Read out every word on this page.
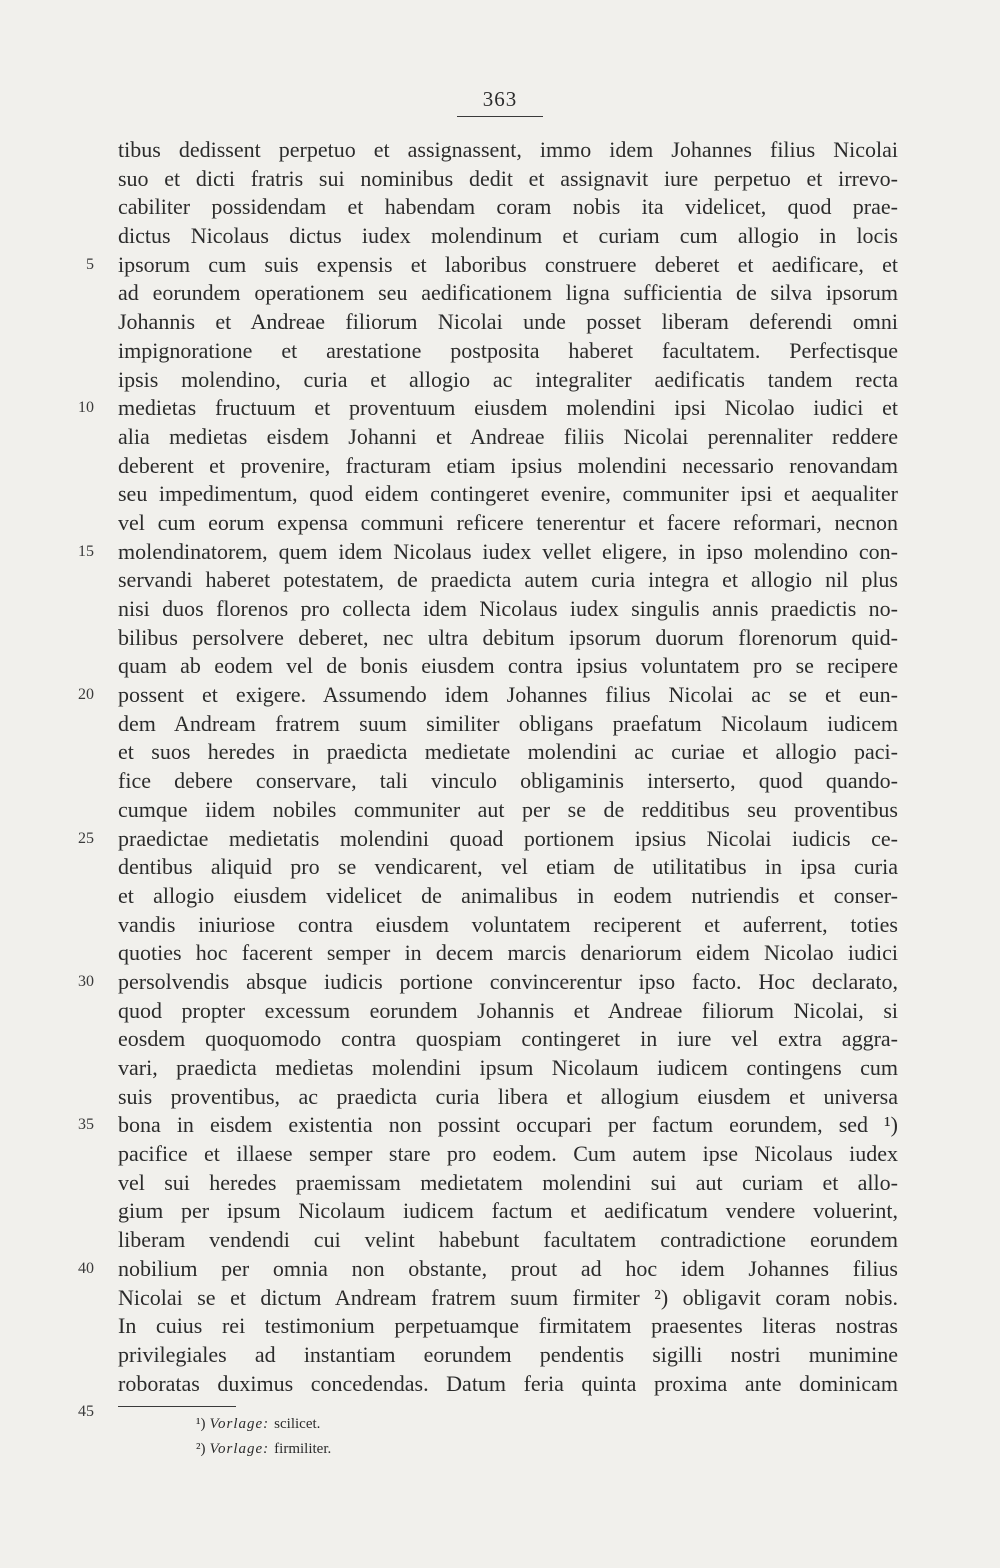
363
tibus dedissent perpetuo et assignassent, immo idem Johannes filius Nicolai
suo et dicti fratris sui nominibus dedit et assignavit iure perpetuo et irrevo-
cabiliter possidendam et habendam coram nobis ita videlicet, quod prae-
dictus Nicolaus dictus iudex molendinum et curiam cum allogio in locis
5 ipsorum cum suis expensis et laboribus construere deberet et aedificare, et
ad eorundem operationem seu aedificationem ligna sufficientia de silva ipsorum
Johannis et Andreae filiorum Nicolai unde posset liberam deferendi omni
impignoratione et arestatione postposita haberet facultatem. Perfectisque
ipsis molendino, curia et allogio ac integraliter aedificatis tandem recta
10 medietas fructuum et proventuum eiusdem molendini ipsi Nicolao iudici et
alia medietas eisdem Johanni et Andreae filiis Nicolai perennaliter reddere
deberent et provenire, fracturam etiam ipsius molendini necessario renovandam
seu impedimentum, quod eidem contingeret evenire, communiter ipsi et aequaliter
vel cum eorum expensa communi reficere tenerentur et facere reformari, necnon
15 molendinatorem, quem idem Nicolaus iudex vellet eligere, in ipso molendino con-
servandi haberet potestatem, de praedicta autem curia integra et allogio nil plus
nisi duos florenos pro collecta idem Nicolaus iudex singulis annis praedictis no-
bilibus persolvere deberet, nec ultra debitum ipsorum duorum florenorum quid-
quam ab eodem vel de bonis eiusdem contra ipsius voluntatem pro se recipere
20 possent et exigere. Assumendo idem Johannes filius Nicolai ac se et eun-
dem Andream fratrem suum similiter obligans praefatum Nicolaum iudicem
et suos heredes in praedicta medietate molendini ac curiae et allogio paci-
fice debere conservare, tali vinculo obligaminis interserto, quod quando-
cumque iidem nobiles communiter aut per se de redditibus seu proventibus
25 praedictae medietatis molendini quoad portionem ipsius Nicolai iudicis ce-
dentibus aliquid pro se vendicarent, vel etiam de utilitatibus in ipsa curia
et allogio eiusdem videlicet de animalibus in eodem nutriendis et conser-
vandis iniuriose contra eiusdem voluntatem reciperent et auferrent, toties
quoties hoc facerent semper in decem marcis denariorum eidem Nicolao iudici
30 persolvendis absque iudicis portione convincerentur ipso facto. Hoc declarato,
quod propter excessum eorundem Johannis et Andreae filiorum Nicolai, si
eosdem quoquomodo contra quospiam contingeret in iure vel extra aggra-
vari, praedicta medietas molendini ipsum Nicolaum iudicem contingens cum
suis proventibus, ac praedicta curia libera et allogium eiusdem et universa
35 bona in eisdem existentia non possint occupari per factum eorundem, sed ¹)
pacifice et illaese semper stare pro eodem. Cum autem ipse Nicolaus iudex
vel sui heredes praemissam medietatem molendini sui aut curiam et allo-
gium per ipsum Nicolaum iudicem factum et aedificatum vendere voluerint,
liberam vendendi cui velint habebunt facultatem contradictione eorundem
40 nobilium per omnia non obstante, prout ad hoc idem Johannes filius
Nicolai se et dictum Andream fratrem suum firmiter ²) obligavit coram nobis.
In cuius rei testimonium perpetuamque firmitatem praesentes literas nostras
privilegiales ad instantiam eorundem pendentis sigilli nostri munimine
roboratas duximus concedendas. Datum feria quinta proxima ante dominicam
45
¹) Vorlage: scilicet.
²) Vorlage: firmiliter.
